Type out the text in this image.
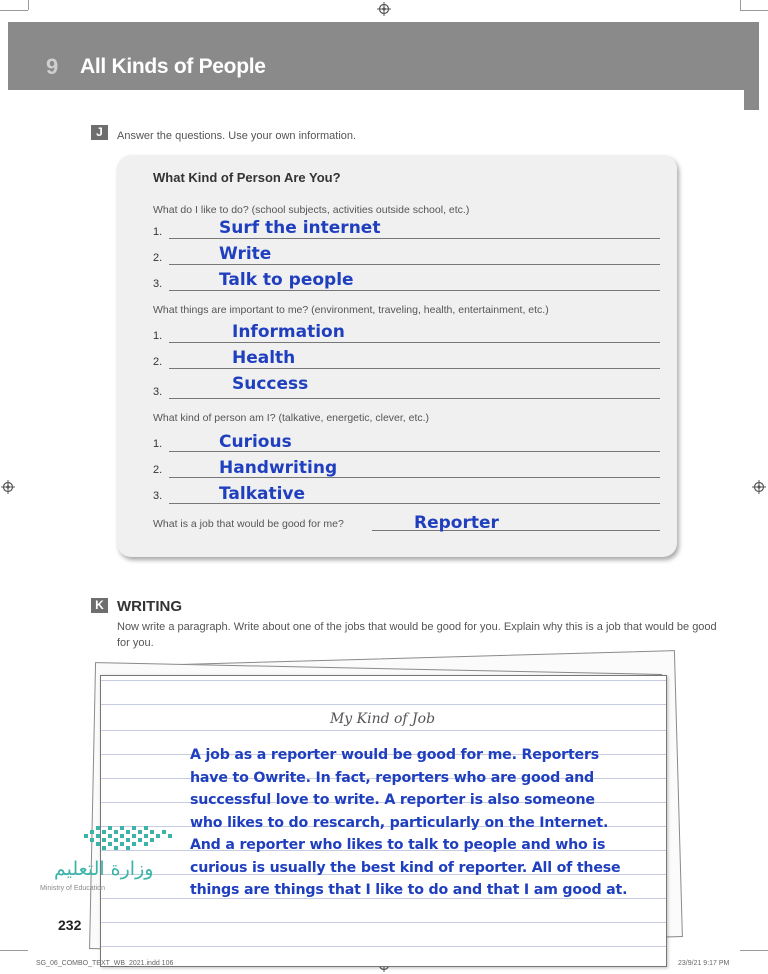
9 All Kinds of People
J	Answer the questions. Use your own information.
What Kind of Person Are You?
What do I like to do? (school subjects, activities outside school, etc.)
1.	Surf the internet
2.	Write
3.	Talk to people
What things are important to me? (environment, traveling, health, entertainment, etc.)
1.	Information
2.	Health
3.	Success
What kind of person am I? (talkative, energetic, clever, etc.)
1.	Curious
2.	Handwriting
3.	Talkative
What is a job that would be good for me?	Reporter
K WRITING
Now write a paragraph. Write about one of the jobs that would be good for you. Explain why this is a job that would be good for you.
My Kind of Job
A job as a reporter would be good for me. Reporters have to Owrite. In fact, reporters who are good and successful love to write. A reporter is also someone who likes to do rescarch, particularly on the Internet. And a reporter who likes to talk to people and who is curious is usually the best kind of reporter. All of these things are things that I like to do and that I am good at.
وزارة التعليم
Ministry of Education
232
SG_06_COMBO_TEXT_WB_2021.indd 106	23/9/21 9:17 PM
